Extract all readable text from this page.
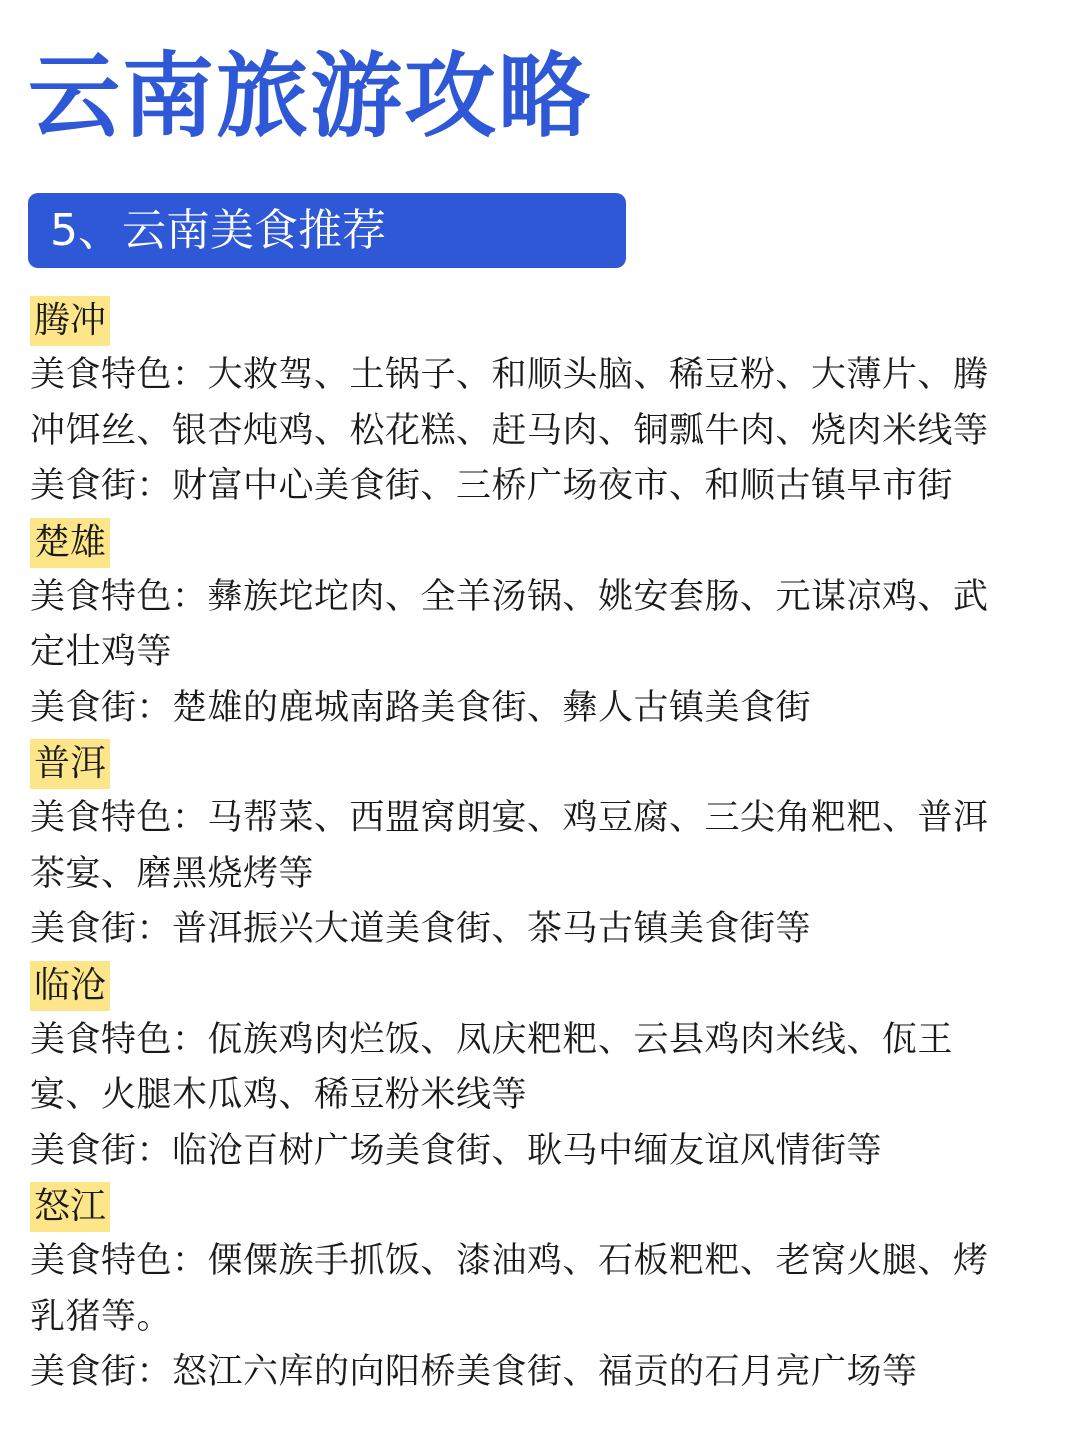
云南旅游攻略
5、云南美食推荐
腾冲

美食特色：大救驾、土锅子、和顺头脑、稀豆粉、大薄片、腾

冲饵丝、银杏炖鸡、松花糕、赶马肉、铜瓢牛肉、烧肉米线等

美食街：财富中心美食街、三桥广场夜市、和顺古镇早市街

楚雄

美食特色：彝族坨坨肉、全羊汤锅、姚安套肠、元谋凉鸡、武

定壮鸡等

美食街：楚雄的鹿城南路美食街、彝人古镇美食街

普洱

美食特色：马帮菜、西盟窝朗宴、鸡豆腐、三尖角粑粑、普洱

茶宴、磨黑烧烤等

美食街：普洱振兴大道美食街、茶马古镇美食街等

临沧

美食特色：佤族鸡肉烂饭、凤庆粑粑、云县鸡肉米线、佤王

宴、火腿木瓜鸡、稀豆粉米线等

美食街：临沧百树广场美食街、耿马中缅友谊风情街等

怒江

美食特色：傈僳族手抓饭、漆油鸡、石板粑粑、老窝火腿、烤

乳猪等。

美食街：怒江六库的向阳桥美食街、福贡的石月亮广场等
